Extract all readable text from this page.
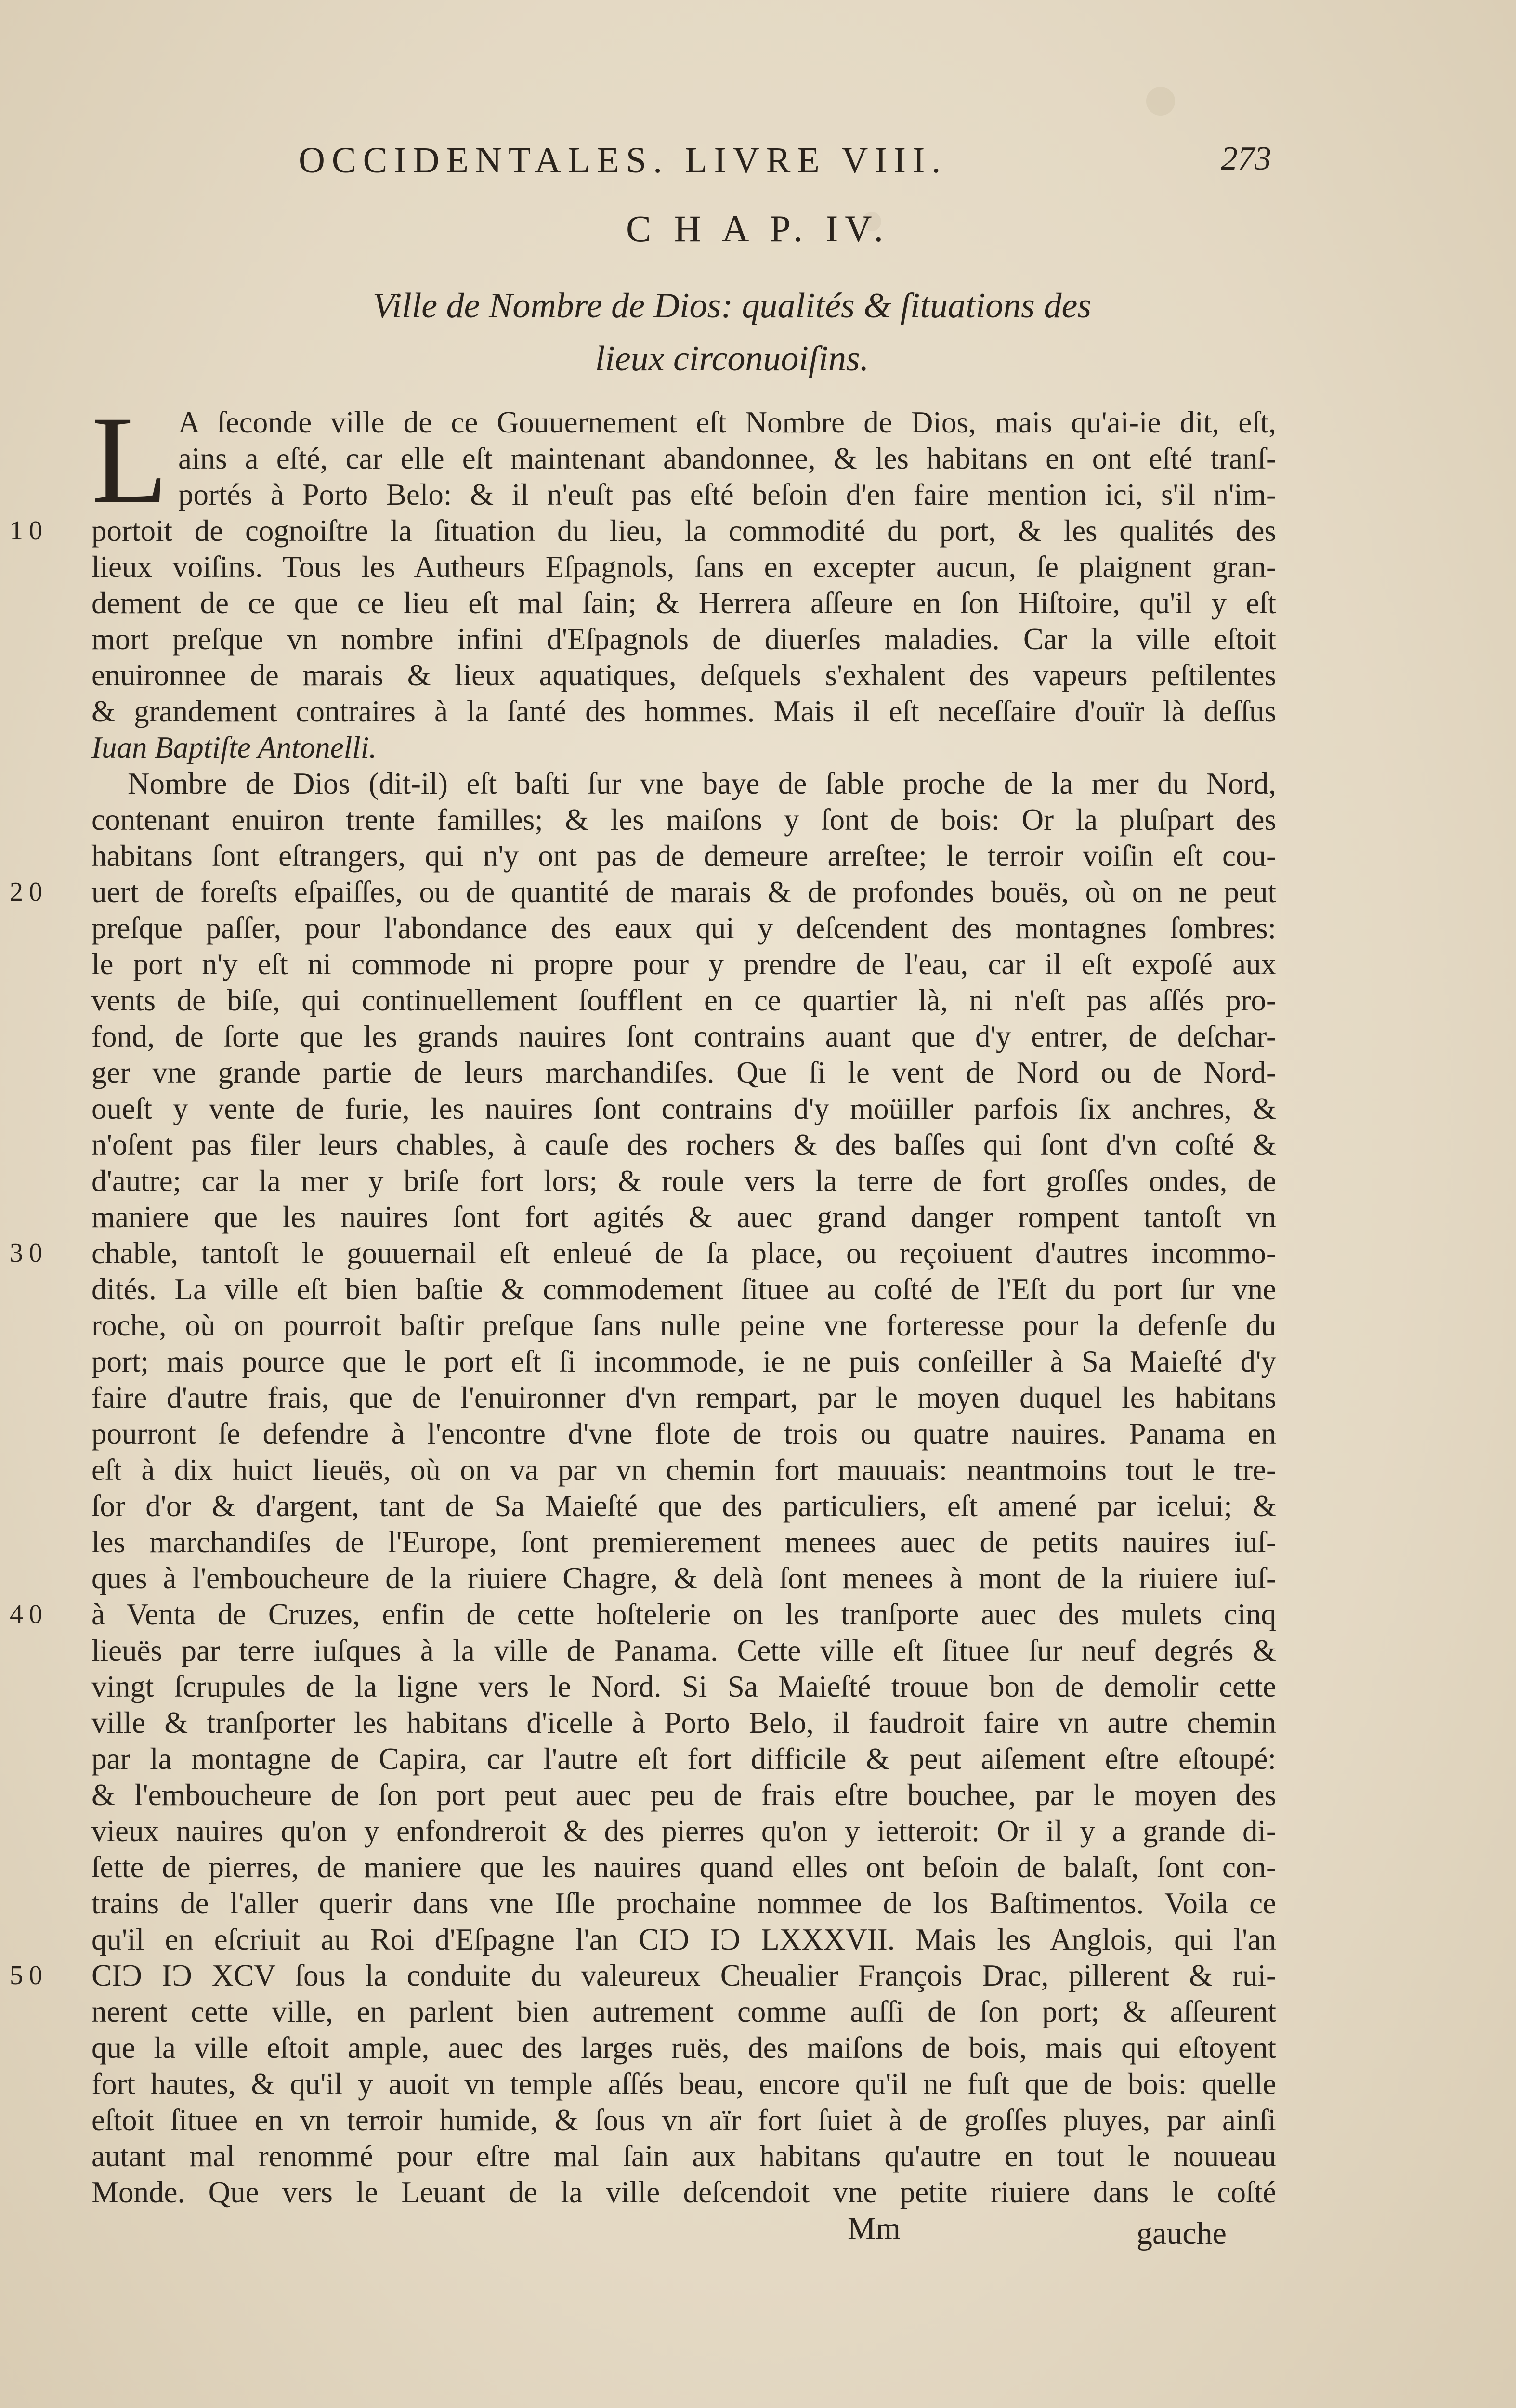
OCCIDENTALES. LIVRE VIII.	273
C H A P. IV.
Ville de Nombre de Dios: qualités & ſituations des
lieux circonuoiſins.
L A ſeconde ville de ce Gouuernement eſt Nombre de Dios, mais qu'ai-ie dit, eſt,
ains a eſté, car elle eſt maintenant abandonnee, & les habitans en ont eſté tranſ-
portés à Porto Belo: & il n'euſt pas eſté beſoin d'en faire mention ici, s'il n'im-
10	portoit de cognoiſtre la ſituation du lieu, la commodité du port, & les qualités des
lieux voiſins. Tous les Autheurs Eſpagnols, ſans en excepter aucun, ſe plaignent gran-
dement de ce que ce lieu eſt mal ſain; & Herrera aſſeure en ſon Hiſtoire, qu'il y eſt
mort preſque vn nombre infini d'Eſpagnols de diuerſes maladies. Car la ville eſtoit
enuironnee de marais & lieux aquatiques, deſquels s'exhalent des vapeurs peſtilentes
& grandement contraires à la ſanté des hommes. Mais il eſt neceſſaire d'ouïr là deſſus
Iuan Baptiſte Antonelli.
Nombre de Dios (dit-il) eſt baſti ſur vne baye de ſable proche de la mer du Nord,
contenant enuiron trente familles; & les maiſons y ſont de bois: Or la pluſpart des
habitans ſont eſtrangers, qui n'y ont pas de demeure arreſtee; le terroir voiſin eſt cou-
20	uert de foreſts eſpaiſſes, ou de quantité de marais & de profondes bouës, où on ne peut
preſque paſſer, pour l'abondance des eaux qui y deſcendent des montagnes ſombres:
le port n'y eſt ni commode ni propre pour y prendre de l'eau, car il eſt expoſé aux
vents de biſe, qui continuellement ſoufflent en ce quartier là, ni n'eſt pas aſſés pro-
fond, de ſorte que les grands nauires ſont contrains auant que d'y entrer, de deſchar-
ger vne grande partie de leurs marchandiſes. Que ſi le vent de Nord ou de Nord-
oueſt y vente de furie, les nauires ſont contrains d'y moüiller parfois ſix anchres, &
n'oſent pas filer leurs chables, à cauſe des rochers & des baſſes qui ſont d'vn coſté &
d'autre; car la mer y briſe fort lors; & roule vers la terre de fort groſſes ondes, de
maniere que les nauires ſont fort agités & auec grand danger rompent tantoſt vn
30	chable, tantoſt le gouuernail eſt enleué de ſa place, ou reçoiuent d'autres incommo-
dités. La ville eſt bien baſtie & commodement ſituee au coſté de l'Eſt du port ſur vne
roche, où on pourroit baſtir preſque ſans nulle peine vne forteresse pour la defenſe du
port; mais pource que le port eſt ſi incommode, ie ne puis conſeiller à Sa Maieſté d'y
faire d'autre frais, que de l'enuironner d'vn rempart, par le moyen duquel les habitans
pourront ſe defendre à l'encontre d'vne flote de trois ou quatre nauires. Panama en
eſt à dix huict lieuës, où on va par vn chemin fort mauuais: neantmoins tout le tre-
ſor d'or & d'argent, tant de Sa Maieſté que des particuliers, eſt amené par icelui; &
les marchandiſes de l'Europe, ſont premierement menees auec de petits nauires iuſ-
ques à l'emboucheure de la riuiere Chagre, & delà ſont menees à mont de la riuiere iuſ-
40	à Venta de Cruzes, enfin de cette hoſtelerie on les tranſporte auec des mulets cinq
lieuës par terre iuſques à la ville de Panama. Cette ville eſt ſituee ſur neuf degrés &
vingt ſcrupules de la ligne vers le Nord. Si Sa Maieſté trouue bon de demolir cette
ville & tranſporter les habitans d'icelle à Porto Belo, il faudroit faire vn autre chemin
par la montagne de Capira, car l'autre eſt fort difficile & peut aiſement eſtre eſtoupé:
& l'emboucheure de ſon port peut auec peu de frais eſtre bouchee, par le moyen des
vieux nauires qu'on y enfondreroit & des pierres qu'on y ietteroit: Or il y a grande di-
ſette de pierres, de maniere que les nauires quand elles ont beſoin de balaſt, ſont con-
trains de l'aller querir dans vne Iſle prochaine nommee de los Baſtimentos. Voila ce
qu'il en eſcriuit au Roi d'Eſpagne l'an CIƆ IƆ LXXXVII. Mais les Anglois, qui l'an
50	CIƆ IƆ XCV ſous la conduite du valeureux Cheualier François Drac, pillerent & rui-
nerent cette ville, en parlent bien autrement comme auſſi de ſon port; & aſſeurent
que la ville eſtoit ample, auec des larges ruës, des maiſons de bois, mais qui eſtoyent
fort hautes, & qu'il y auoit vn temple aſſés beau, encore qu'il ne fuſt que de bois: quelle
eſtoit ſituee en vn terroir humide, & ſous vn aïr fort ſuiet à de groſſes pluyes, par ainſi
autant mal renommé pour eſtre mal ſain aux habitans qu'autre en tout le nouueau
Monde. Que vers le Leuant de la ville deſcendoit vne petite riuiere dans le coſté
Mm	gauche
